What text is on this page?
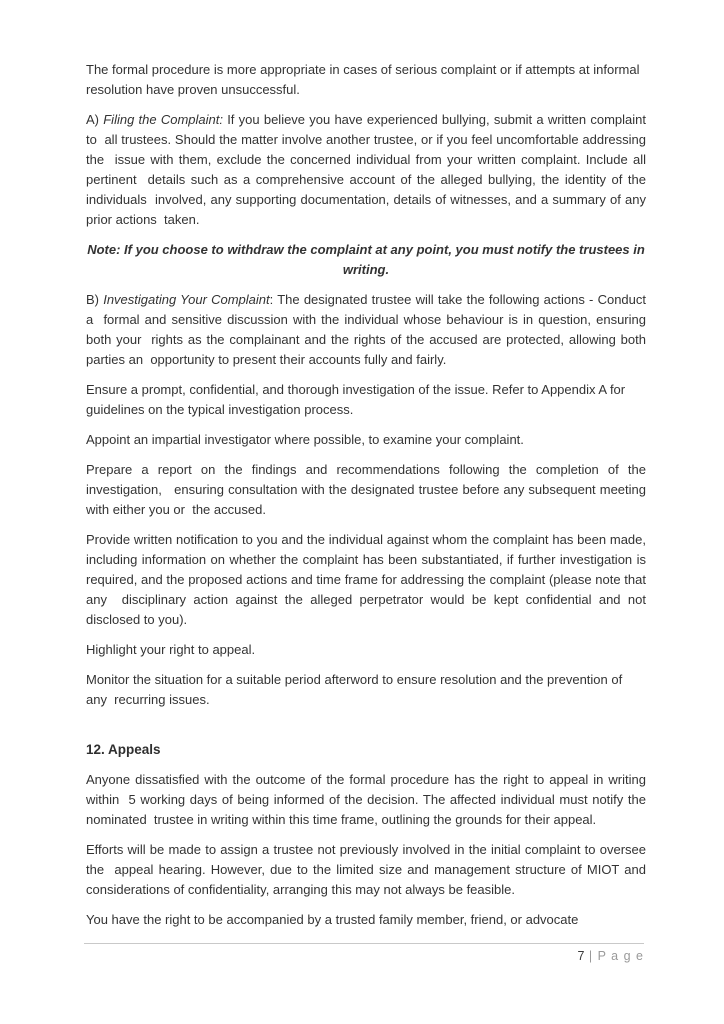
The formal procedure is more appropriate in cases of serious complaint or if attempts at informal  resolution have proven unsuccessful.

A) Filing the Complaint: If you believe you have experienced bullying, submit a written complaint to  all trustees. Should the matter involve another trustee, or if you feel uncomfortable addressing the  issue with them, exclude the concerned individual from your written complaint. Include all pertinent  details such as a comprehensive account of the alleged bullying, the identity of the individuals  involved, any supporting documentation, details of witnesses, and a summary of any prior actions  taken.

Note: If you choose to withdraw the complaint at any point, you must notify the trustees in writing.

B) Investigating Your Complaint: The designated trustee will take the following actions - Conduct a  formal and sensitive discussion with the individual whose behaviour is in question, ensuring both your  rights as the complainant and the rights of the accused are protected, allowing both parties an  opportunity to present their accounts fully and fairly.

Ensure a prompt, confidential, and thorough investigation of the issue. Refer to Appendix A for  guidelines on the typical investigation process.

Appoint an impartial investigator where possible, to examine your complaint.

Prepare a report on the findings and recommendations following the completion of the investigation,   ensuring consultation with the designated trustee before any subsequent meeting with either you or  the accused.

Provide written notification to you and the individual against whom the complaint has been made,  including information on whether the complaint has been substantiated, if further investigation is  required, and the proposed actions and time frame for addressing the complaint (please note that any  disciplinary action against the alleged perpetrator would be kept confidential and not disclosed to you).

Highlight your right to appeal.

Monitor the situation for a suitable period afterword to ensure resolution and the prevention of any  recurring issues.

12. Appeals

Anyone dissatisfied with the outcome of the formal procedure has the right to appeal in writing within  5 working days of being informed of the decision. The affected individual must notify the nominated  trustee in writing within this time frame, outlining the grounds for their appeal.

Efforts will be made to assign a trustee not previously involved in the initial complaint to oversee the  appeal hearing. However, due to the limited size and management structure of MIOT and  considerations of confidentiality, arranging this may not always be feasible.

You have the right to be accompanied by a trusted family member, friend, or advocate

7 | P a g e
